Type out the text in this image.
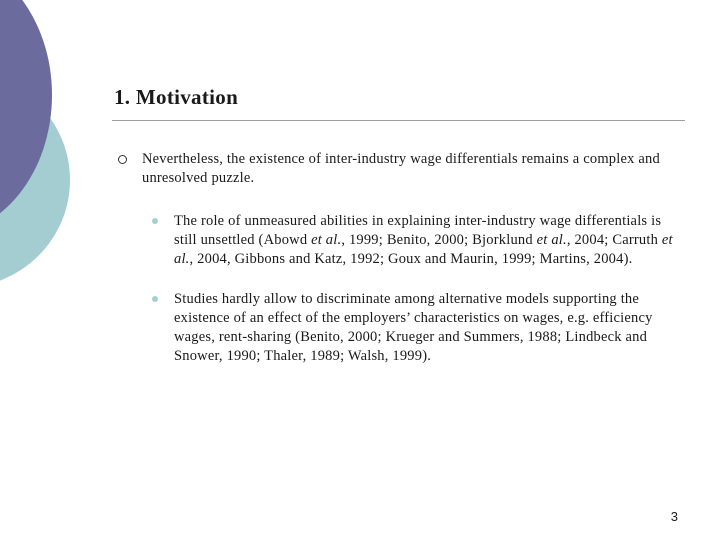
1. Motivation
Nevertheless, the existence of inter-industry wage differentials remains a complex and unresolved puzzle.
The role of unmeasured abilities in explaining inter-industry wage differentials is still unsettled (Abowd et al., 1999; Benito, 2000; Bjorklund et al., 2004; Carruth et al., 2004, Gibbons and Katz, 1992; Goux and Maurin, 1999; Martins, 2004).
Studies hardly allow to discriminate among alternative models supporting the existence of an effect of the employers’ characteristics on wages, e.g. efficiency wages, rent-sharing (Benito, 2000; Krueger and Summers, 1988; Lindbeck and Snower, 1990; Thaler, 1989; Walsh, 1999).
3
